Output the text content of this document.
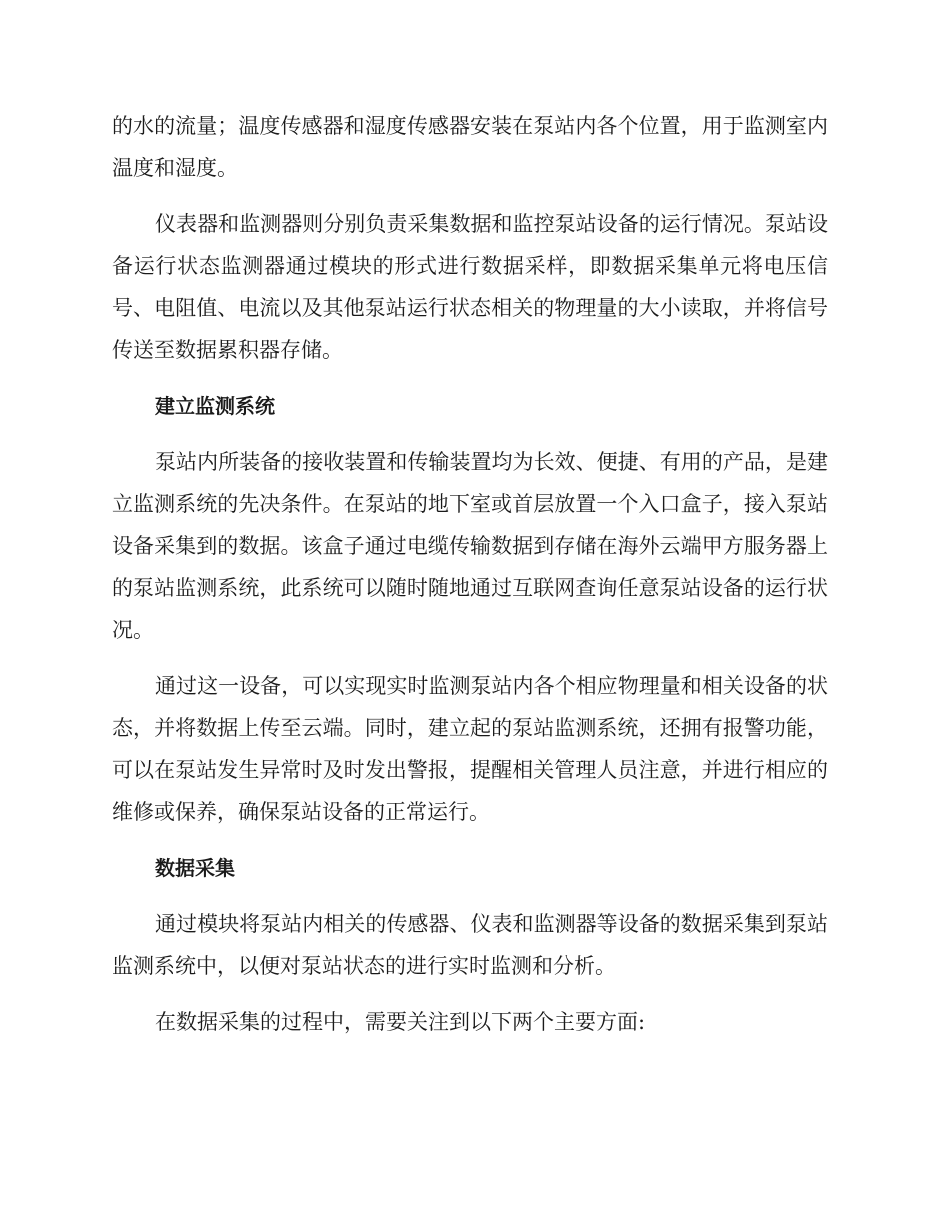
的水的流量；温度传感器和湿度传感器安装在泵站内各个位置，用于监测室内温度和湿度。

仪表器和监测器则分别负责采集数据和监控泵站设备的运行情况。泵站设备运行状态监测器通过模块的形式进行数据采样，即数据采集单元将电压信号、电阻值、电流以及其他泵站运行状态相关的物理量的大小读取，并将信号传送至数据累积器存储。

建立监测系统

泵站内所装备的接收装置和传输装置均为长效、便捷、有用的产品，是建立监测系统的先决条件。在泵站的地下室或首层放置一个入口盒子，接入泵站设备采集到的数据。该盒子通过电缆传输数据到存储在海外云端甲方服务器上的泵站监测系统，此系统可以随时随地通过互联网查询任意泵站设备的运行状况。

通过这一设备，可以实现实时监测泵站内各个相应物理量和相关设备的状态，并将数据上传至云端。同时，建立起的泵站监测系统，还拥有报警功能，可以在泵站发生异常时及时发出警报，提醒相关管理人员注意，并进行相应的维修或保养，确保泵站设备的正常运行。

数据采集

通过模块将泵站内相关的传感器、仪表和监测器等设备的数据采集到泵站监测系统中，以便对泵站状态的进行实时监测和分析。

在数据采集的过程中，需要关注到以下两个主要方面:
